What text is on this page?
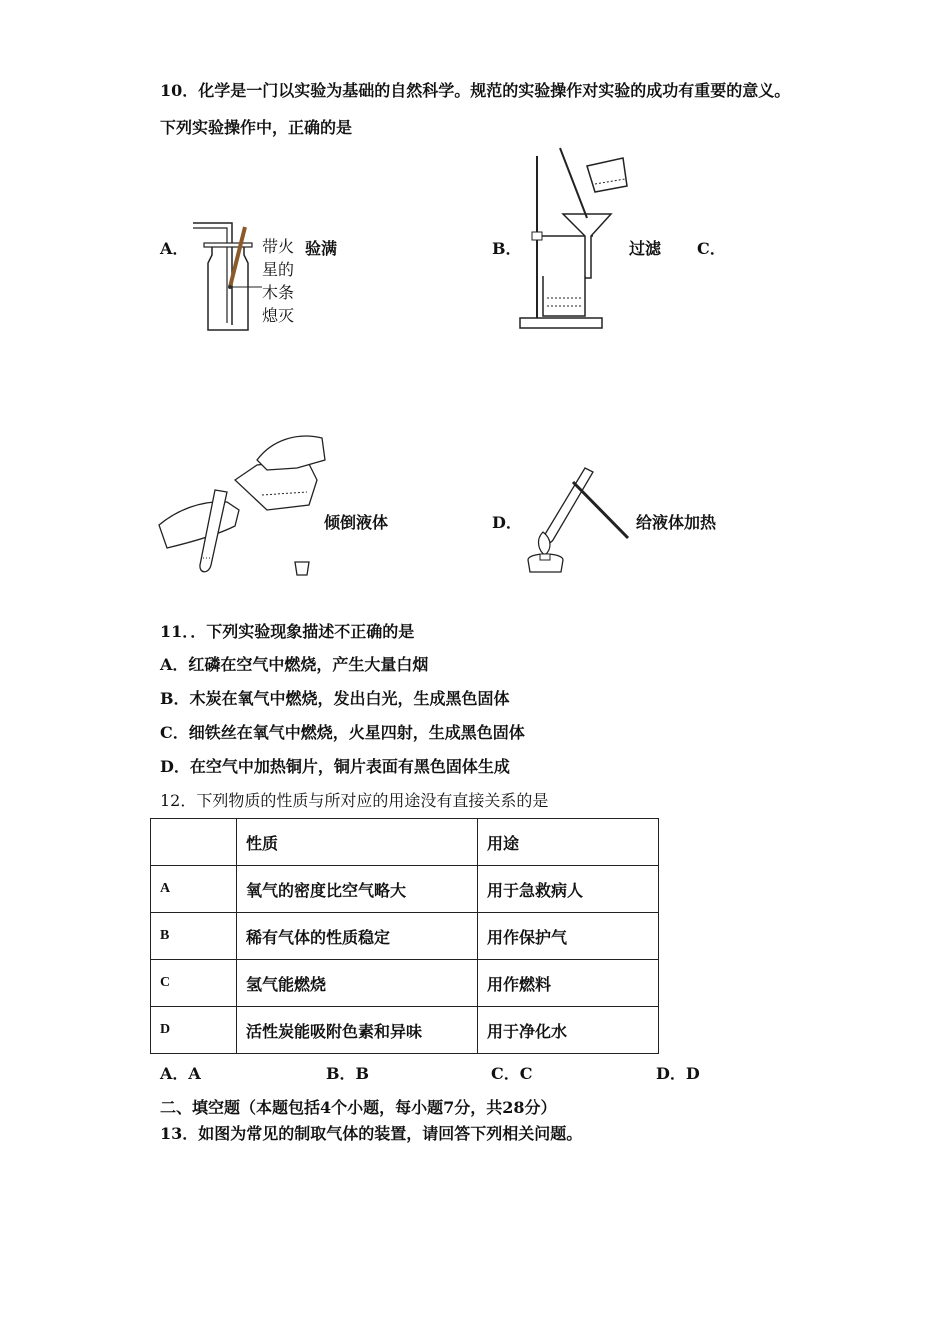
10．化学是一门以实验为基础的自然科学。规范的实验操作对实验的成功有重要的意义。
下列实验操作中，正确的是
A．	带火
星的
木条
熄灭
验满	B．	过滤 C．
倾倒液体	D．	给液体加热
11．．下列实验现象描述不正确的是
A．红磷在空气中燃烧，产生大量白烟
B．木炭在氧气中燃烧，发出白光，生成黑色固体
C．细铁丝在氧气中燃烧，火星四射，生成黑色固体
D．在空气中加热铜片，铜片表面有黑色固体生成
12．下列物质的性质与所对应的用途没有直接关系的是
	性质	用途
A	氧气的密度比空气略大	用于急救病人
B	稀有气体的性质稳定	用作保护气
C	氢气能燃烧	用作燃料
D	活性炭能吸附色素和异味	用于净化水
A．A	C．C
B．B	D．D
二、填空题（本题包括4个小题，每小题7分，共28分）
13．如图为常见的制取气体的装置，请回答下列相关问题。
